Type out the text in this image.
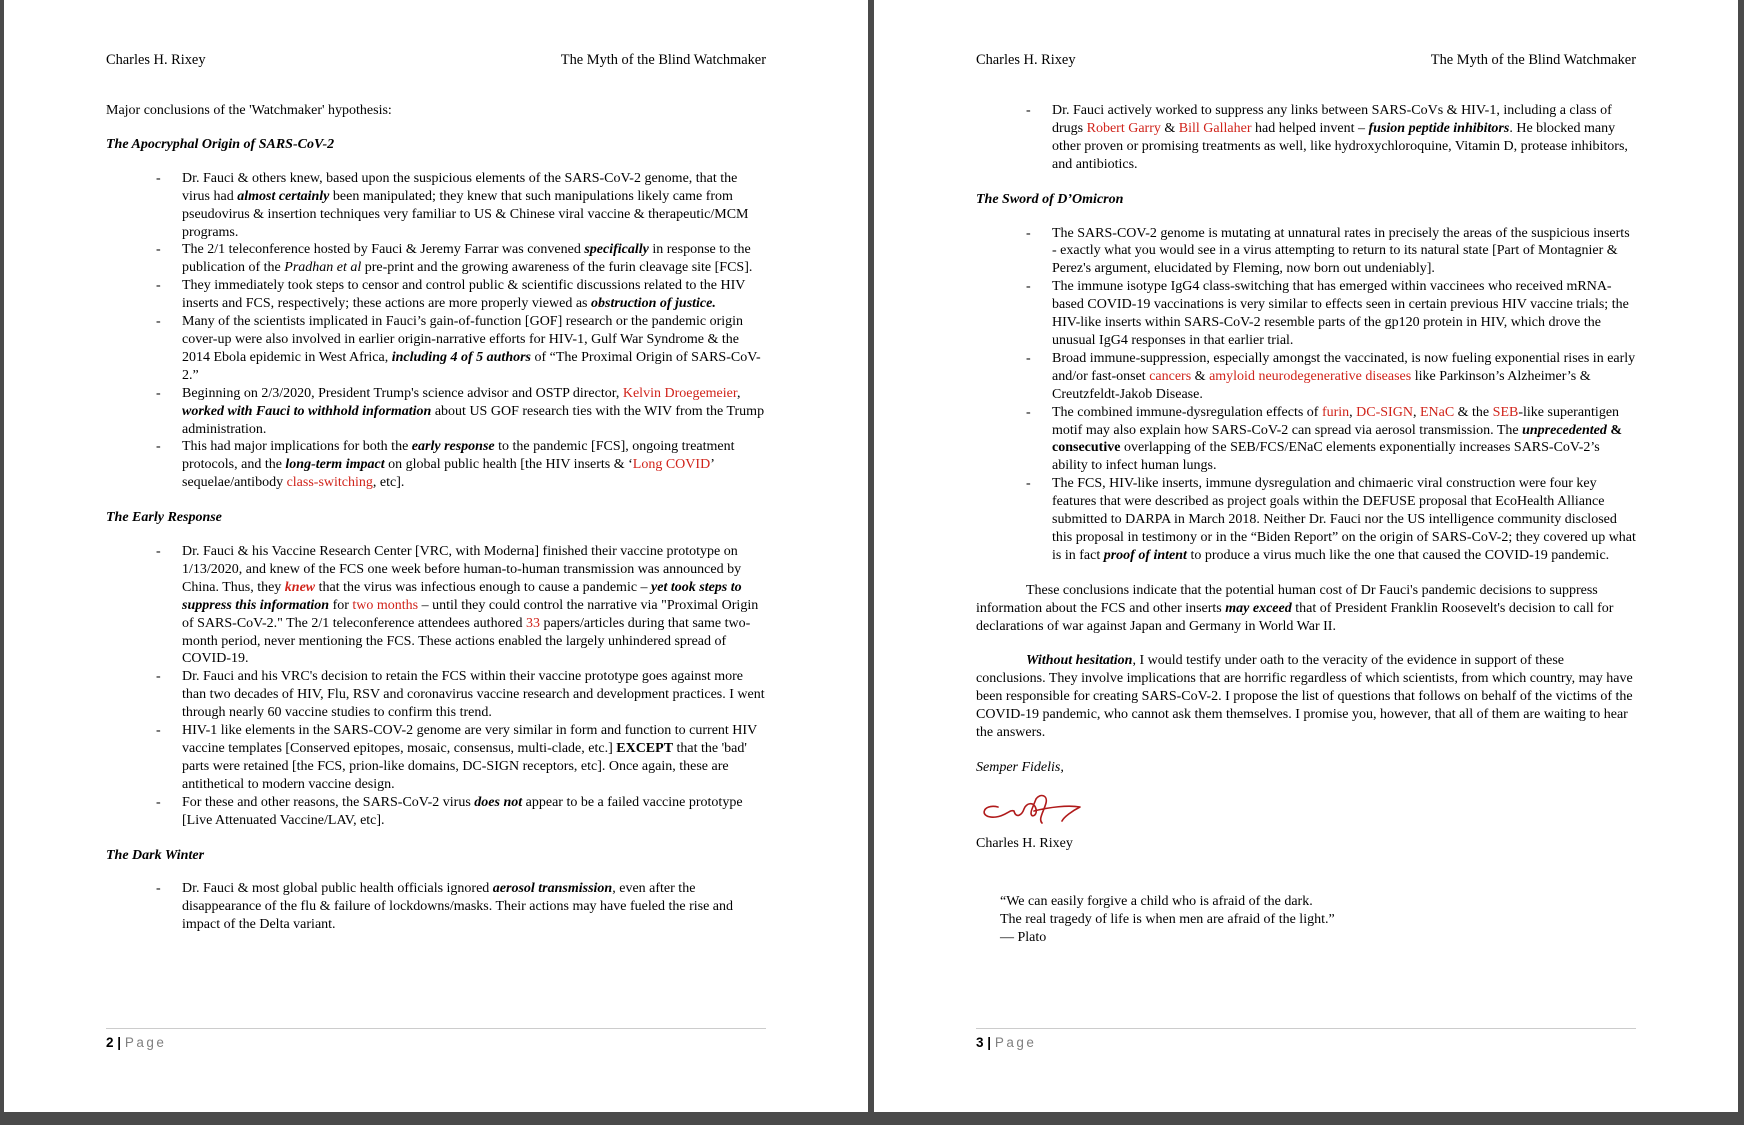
Charles H. Rixey	The Myth of the Blind Watchmaker

Major conclusions of the 'Watchmaker' hypothesis:

The Apocryphal Origin of SARS-CoV-2

- Dr. Fauci & others knew, based upon the suspicious elements of the SARS-CoV-2 genome, that the virus had almost certainly been manipulated; they knew that such manipulations likely came from pseudovirus & insertion techniques very familiar to US & Chinese viral vaccine & therapeutic/MCM programs.
- The 2/1 teleconference hosted by Fauci & Jeremy Farrar was convened specifically in response to the publication of the Pradhan et al pre-print and the growing awareness of the furin cleavage site [FCS].
- They immediately took steps to censor and control public & scientific discussions related to the HIV inserts and FCS, respectively; these actions are more properly viewed as obstruction of justice.
- Many of the scientists implicated in Fauci’s gain-of-function [GOF] research or the pandemic origin cover-up were also involved in earlier origin-narrative efforts for HIV-1, Gulf War Syndrome & the 2014 Ebola epidemic in West Africa, including 4 of 5 authors of “The Proximal Origin of SARS-CoV-2.”
- Beginning on 2/3/2020, President Trump's science advisor and OSTP director, Kelvin Droegemeier, worked with Fauci to withhold information about US GOF research ties with the WIV from the Trump administration.
- This had major implications for both the early response to the pandemic [FCS], ongoing treatment protocols, and the long-term impact on global public health [the HIV inserts & ‘Long COVID’ sequelae/antibody class-switching, etc].

The Early Response

- Dr. Fauci & his Vaccine Research Center [VRC, with Moderna] finished their vaccine prototype on 1/13/2020, and knew of the FCS one week before human-to-human transmission was announced by China. Thus, they knew that the virus was infectious enough to cause a pandemic – yet took steps to suppress this information for two months – until they could control the narrative via "Proximal Origin of SARS-CoV-2." The 2/1 teleconference attendees authored 33 papers/articles during that same two-month period, never mentioning the FCS. These actions enabled the largely unhindered spread of COVID-19.
- Dr. Fauci and his VRC's decision to retain the FCS within their vaccine prototype goes against more than two decades of HIV, Flu, RSV and coronavirus vaccine research and development practices. I went through nearly 60 vaccine studies to confirm this trend.
- HIV-1 like elements in the SARS-COV-2 genome are very similar in form and function to current HIV vaccine templates [Conserved epitopes, mosaic, consensus, multi-clade, etc.] EXCEPT that the 'bad' parts were retained [the FCS, prion-like domains, DC-SIGN receptors, etc]. Once again, these are antithetical to modern vaccine design.
- For these and other reasons, the SARS-CoV-2 virus does not appear to be a failed vaccine prototype [Live Attenuated Vaccine/LAV, etc].

The Dark Winter

- Dr. Fauci & most global public health officials ignored aerosol transmission, even after the disappearance of the flu & failure of lockdowns/masks. Their actions may have fueled the rise and impact of the Delta variant.
2 | Page
Charles H. Rixey	The Myth of the Blind Watchmaker
- Dr. Fauci actively worked to suppress any links between SARS-CoVs & HIV-1, including a class of drugs Robert Garry & Bill Gallaher had helped invent – fusion peptide inhibitors. He blocked many other proven or promising treatments as well, like hydroxychloroquine, Vitamin D, protease inhibitors, and antibiotics.

The Sword of D’Omicron

- The SARS-COV-2 genome is mutating at unnatural rates in precisely the areas of the suspicious inserts - exactly what you would see in a virus attempting to return to its natural state [Part of Montagnier & Perez's argument, elucidated by Fleming, now born out undeniably].
- The immune isotype IgG4 class-switching that has emerged within vaccinees who received mRNA-based COVID-19 vaccinations is very similar to effects seen in certain previous HIV vaccine trials; the HIV-like inserts within SARS-CoV-2 resemble parts of the gp120 protein in HIV, which drove the unusual IgG4 responses in that earlier trial.
- Broad immune-suppression, especially amongst the vaccinated, is now fueling exponential rises in early and/or fast-onset cancers & amyloid neurodegenerative diseases like Parkinson’s Alzheimer’s & Creutzfeldt-Jakob Disease.
- The combined immune-dysregulation effects of furin, DC-SIGN, ENaC & the SEB-like superantigen motif may also explain how SARS-CoV-2 can spread via aerosol transmission. The unprecedented & consecutive overlapping of the SEB/FCS/ENaC elements exponentially increases SARS-CoV-2’s ability to infect human lungs.
- The FCS, HIV-like inserts, immune dysregulation and chimaeric viral construction were four key features that were described as project goals within the DEFUSE proposal that EcoHealth Alliance submitted to DARPA in March 2018. Neither Dr. Fauci nor the US intelligence community disclosed this proposal in testimony or in the “Biden Report” on the origin of SARS-CoV-2; they covered up what is in fact proof of intent to produce a virus much like the one that caused the COVID-19 pandemic.

These conclusions indicate that the potential human cost of Dr Fauci's pandemic decisions to suppress information about the FCS and other inserts may exceed that of President Franklin Roosevelt's decision to call for declarations of war against Japan and Germany in World War II.

Without hesitation, I would testify under oath to the veracity of the evidence in support of these conclusions. They involve implications that are horrific regardless of which scientists, from which country, may have been responsible for creating SARS-CoV-2. I propose the list of questions that follows on behalf of the victims of the COVID-19 pandemic, who cannot ask them themselves. I promise you, however, that all of them are waiting to hear the answers.

Semper Fidelis,

Charles H. Rixey

“We can easily forgive a child who is afraid of the dark.
The real tragedy of life is when men are afraid of the light.”
— Plato

3 | Page
